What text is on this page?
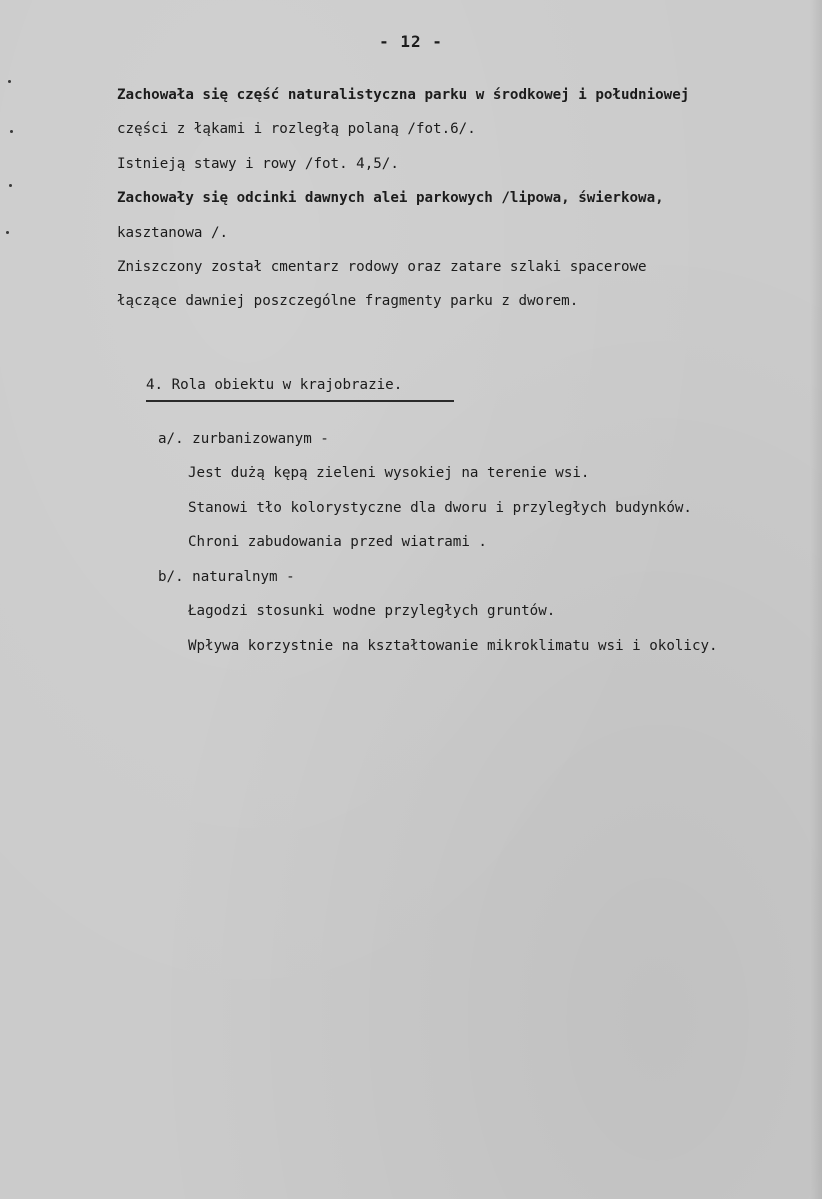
- 12 -
Zachowała się część naturalistyczna parku w środkowej i południowej
części z łąkami i rozległą polaną /fot.6/.
Istnieją stawy i rowy /fot. 4,5/.
Zachowały się odcinki dawnych alei parkowych /lipowa, świerkowa,
kasztanowa /.
Zniszczony został cmentarz rodowy oraz zatare szlaki spacerowe
łączące dawniej poszczególne fragmenty parku z dworem.
4. Rola obiektu w krajobrazie.
a/. zurbanizowanym -
Jest dużą kępą zieleni wysokiej na terenie wsi.
Stanowi tło kolorystyczne dla dworu i przyległych budynków.
Chroni zabudowania przed wiatrami .
b/. naturalnym -
Łagodzi stosunki wodne przyległych gruntów.
Wpływa korzystnie na kształtowanie mikroklimatu wsi i okolicy.
